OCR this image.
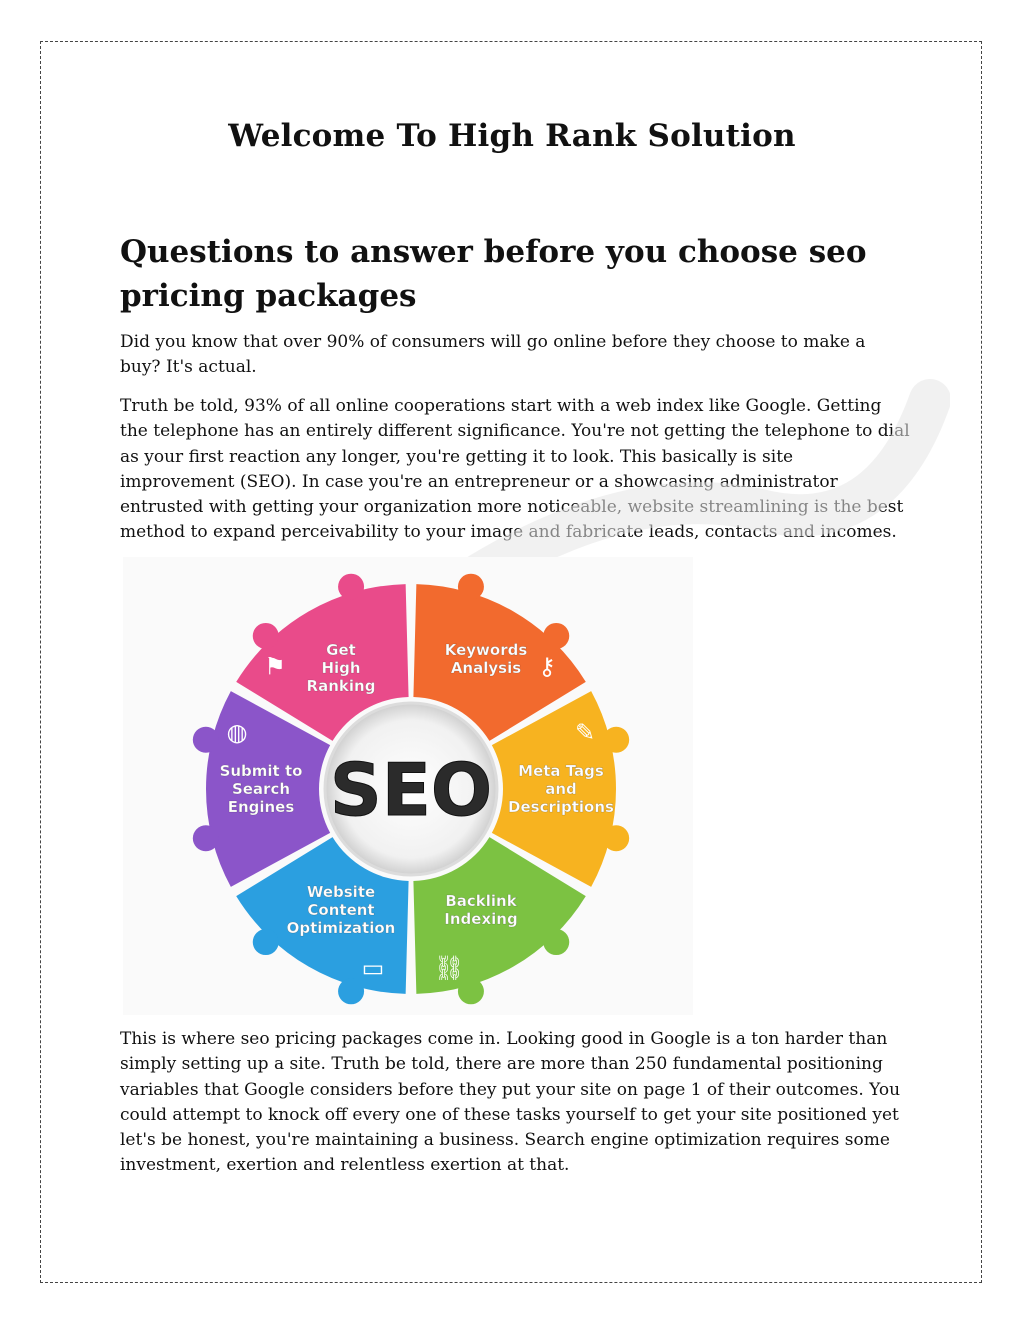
Welcome To High Rank Solution
Questions to answer before you choose seo pricing packages

Did you know that over 90% of consumers will go online before they choose to make a buy? It's actual.

Truth be told, 93% of all online cooperations start with a web index like Google. Getting the telephone has an entirely different significance. You're not getting the telephone to dial as your first reaction any longer, you're getting it to look. This basically is site improvement (SEO). In case you're an entrepreneur or a showcasing administrator entrusted with getting your organization more noticeable, website streamlining is the best method to expand perceivability to your image and fabricate leads, contacts and incomes.

SEO
Get High Ranking
Keywords Analysis
Meta Tags and Descriptions
Backlink Indexing
Website Content Optimization
Submit to Search Engines
⚑	⚷
✎
⛓
▭
◍

This is where seo pricing packages come in. Looking good in Google is a ton harder than simply setting up a site. Truth be told, there are more than 250 fundamental positioning variables that Google considers before they put your site on page 1 of their outcomes. You could attempt to knock off every one of these tasks yourself to get your site positioned yet let's be honest, you're maintaining a business. Search engine optimization requires some investment, exertion and relentless exertion at that.
